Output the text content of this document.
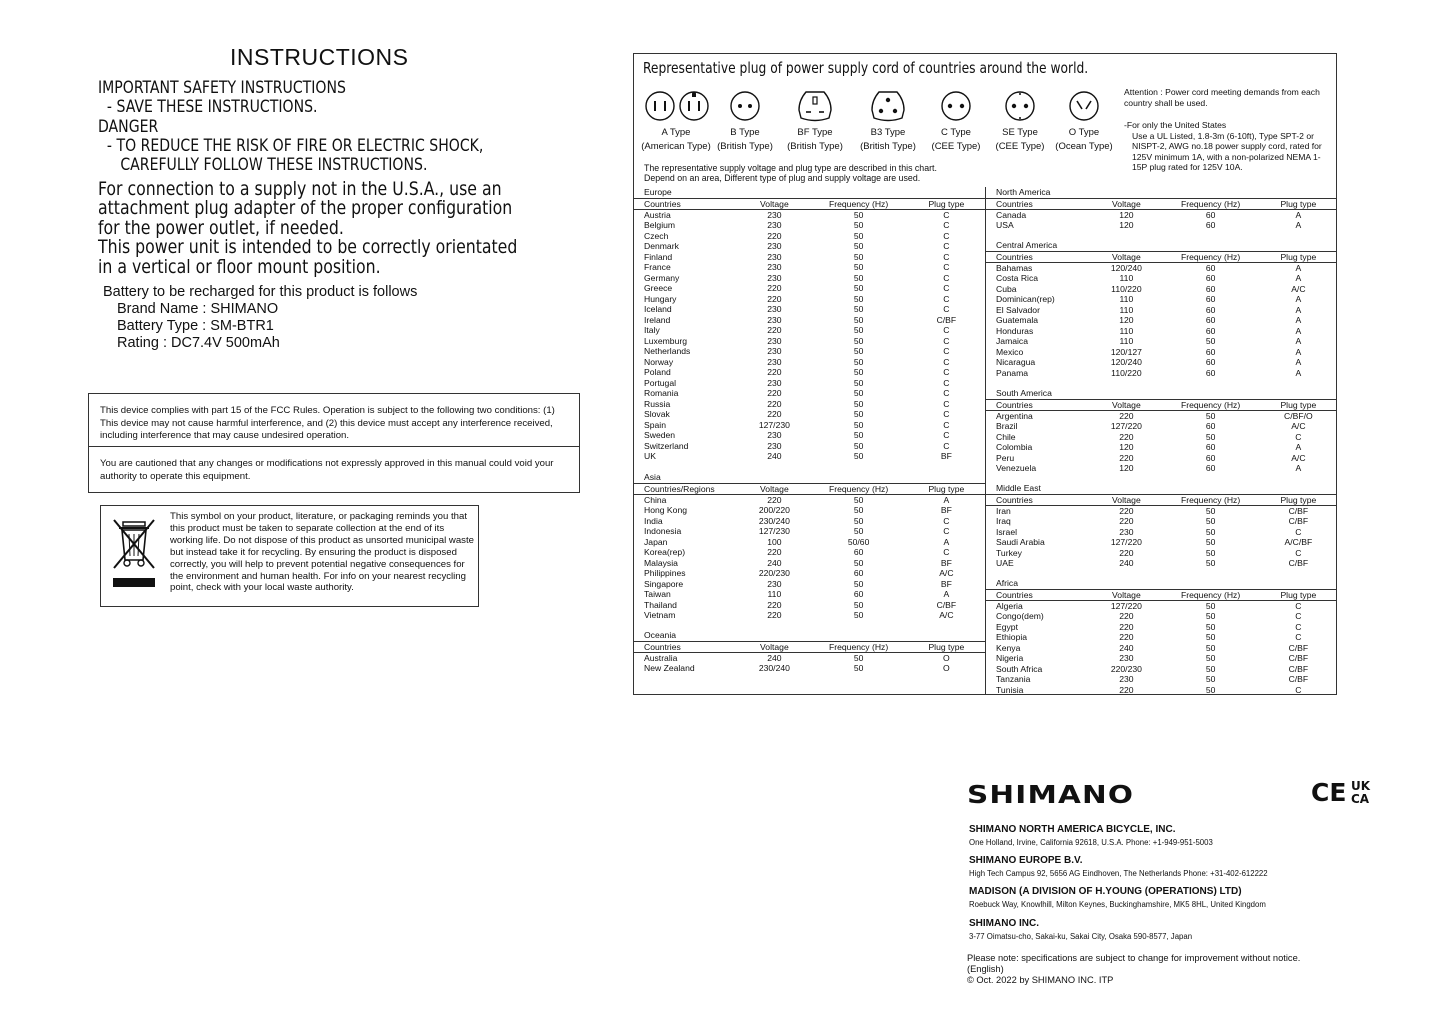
INSTRUCTIONS
IMPORTANT SAFETY INSTRUCTIONS
- SAVE THESE INSTRUCTIONS.
DANGER
- TO REDUCE THE RISK OF FIRE OR ELECTRIC SHOCK,
CAREFULLY FOLLOW THESE INSTRUCTIONS.
For connection to a supply not in the U.S.A., use an
attachment plug adapter of the proper configuration
for the power outlet, if needed.
This power unit is intended to be correctly orientated
in a vertical or floor mount position.
Battery to be recharged for this product is follows
Brand Name : SHIMANO
Battery Type : SM-BTR1
Rating : DC7.4V 500mAh
This device complies with part 15 of the FCC Rules. Operation is subject to the following two conditions: (1) This device may not cause harmful interference, and (2) this device must accept any interference received, including interference that may cause undesired operation.
You are cautioned that any changes or modifications not expressly approved in this manual could void your authority to operate this equipment.
This symbol on your product, literature, or packaging reminds you that this product must be taken to separate collection at the end of its working life. Do not dispose of this product as unsorted municipal waste but instead take it for recycling. By ensuring the product is disposed correctly, you will help to prevent potential negative consequences for the environment and human health. For info on your nearest recycling point, check with your local waste authority.
Representative plug of power supply cord of countries around the world.
A Type
(American Type)
B Type
(British Type)
BF Type
(British Type)
B3 Type
(British Type)
C Type
(CEE Type)
SE Type
(CEE Type)
O Type
(Ocean Type)
Attention : Power cord meeting demands from each country shall be used.
-For only the United States
Use a UL Listed, 1.8-3m (6-10ft), Type SPT-2 or NISPT-2, AWG no.18 power supply cord, rated for 125V minimum 1A, with a non-polarized NEMA 1-15P plug rated for 125V 10A.
The representative supply voltage and plug type are described in this chart.
Depend on an area, Different type of plug and supply voltage are used.
Europe
Countries	Voltage	Frequency (Hz)	Plug type
Austria	230	50	C
Belgium	230	50	C
Czech	220	50	C
Denmark	230	50	C
Finland	230	50	C
France	230	50	C
Germany	230	50	C
Greece	220	50	C
Hungary	220	50	C
Iceland	230	50	C
Ireland	230	50	C/BF
Italy	220	50	C
Luxemburg	230	50	C
Netherlands	230	50	C
Norway	230	50	C
Poland	220	50	C
Portugal	230	50	C
Romania	220	50	C
Russia	220	50	C
Slovak	220	50	C
Spain	127/230	50	C
Sweden	230	50	C
Switzerland	230	50	C
UK	240	50	BF
Asia
Countries/Regions	Voltage	Frequency (Hz)	Plug type
China	220	50	A
Hong Kong	200/220	50	BF
India	230/240	50	C
Indonesia	127/230	50	C
Japan	100	50/60	A
Korea(rep)	220	60	C
Malaysia	240	50	BF
Philippines	220/230	60	A/C
Singapore	230	50	BF
Taiwan	110	60	A
Thailand	220	50	C/BF
Vietnam	220	50	A/C
Oceania
Countries	Voltage	Frequency (Hz)	Plug type
Australia	240	50	O
New Zealand	230/240	50	O
North America
Countries	Voltage	Frequency (Hz)	Plug type
Canada	120	60	A
USA	120	60	A
Central America
Countries	Voltage	Frequency (Hz)	Plug type
Bahamas	120/240	60	A
Costa Rica	110	60	A
Cuba	110/220	60	A/C
Dominican(rep)	110	60	A
El Salvador	110	60	A
Guatemala	120	60	A
Honduras	110	60	A
Jamaica	110	50	A
Mexico	120/127	60	A
Nicaragua	120/240	60	A
Panama	110/220	60	A
South America
Countries	Voltage	Frequency (Hz)	Plug type
Argentina	220	50	C/BF/O
Brazil	127/220	60	A/C
Chile	220	50	C
Colombia	120	60	A
Peru	220	60	A/C
Venezuela	120	60	A
Middle East
Countries	Voltage	Frequency (Hz)	Plug type
Iran	220	50	C/BF
Iraq	220	50	C/BF
Israel	230	50	C
Saudi Arabia	127/220	50	A/C/BF
Turkey	220	50	C
UAE	240	50	C/BF
Africa
Countries	Voltage	Frequency (Hz)	Plug type
Algeria	127/220	50	C
Congo(dem)	220	50	C
Egypt	220	50	C
Ethiopia	220	50	C
Kenya	240	50	C/BF
Nigeria	230	50	C/BF
South Africa	220/230	50	C/BF
Tanzania	230	50	C/BF
Tunisia	220	50	C
SHIMANO	CE UK
CA
SHIMANO NORTH AMERICA BICYCLE, INC.
One Holland, Irvine, California 92618, U.S.A. Phone: +1-949-951-5003
SHIMANO EUROPE B.V.
High Tech Campus 92, 5656 AG Eindhoven, The Netherlands Phone: +31-402-612222
MADISON (A DIVISION OF H.YOUNG (OPERATIONS) LTD)
Roebuck Way, Knowlhill, Milton Keynes, Buckinghamshire, MK5 8HL, United Kingdom
SHIMANO INC.
3-77 Oimatsu-cho, Sakai-ku, Sakai City, Osaka 590-8577, Japan
Please note: specifications are subject to change for improvement without notice.
(English)
© Oct. 2022 by SHIMANO INC. ITP
